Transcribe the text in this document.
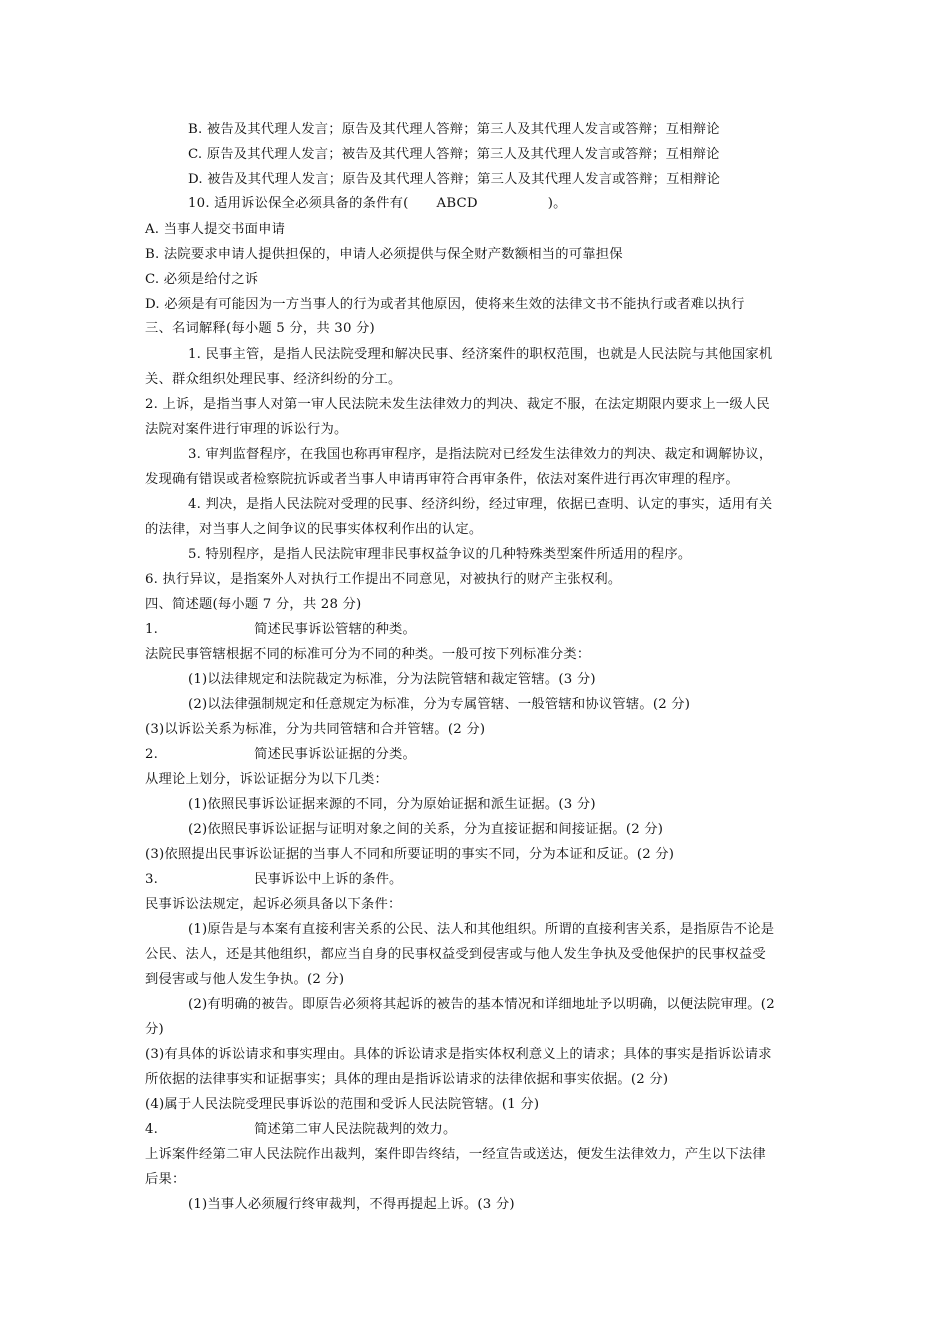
B. 被告及其代理人发言；原告及其代理人答辩；第三人及其代理人发言或答辩；互相辩论
C. 原告及其代理人发言；被告及其代理人答辩；第三人及其代理人发言或答辩；互相辩论
D. 被告及其代理人发言；原告及其代理人答辩；第三人及其代理人发言或答辩；互相辩论
10. 适用诉讼保全必须具备的条件有( ABCD	)。
A. 当事人提交书面申请
B. 法院要求申请人提供担保的，申请人必须提供与保全财产数额相当的可靠担保
C. 必须是给付之诉
D. 必须是有可能因为一方当事人的行为或者其他原因，使将来生效的法律文书不能执行或者难以执行
三、名词解释(每小题 5 分，共 30 分)
1. 民事主管，是指人民法院受理和解决民事、经济案件的职权范围，也就是人民法院与其他国家机
关、群众组织处理民事、经济纠纷的分工。
2. 上诉，是指当事人对第一审人民法院未发生法律效力的判决、裁定不服，在法定期限内要求上一级人民
法院对案件进行审理的诉讼行为。
3. 审判监督程序，在我国也称再审程序，是指法院对已经发生法律效力的判决、裁定和调解协议，
发现确有错误或者检察院抗诉或者当事人申请再审符合再审条件，依法对案件进行再次审理的程序。
4. 判决，是指人民法院对受理的民事、经济纠纷，经过审理，依据已查明、认定的事实，适用有关
的法律，对当事人之间争议的民事实体权利作出的认定。
5. 特别程序，是指人民法院审理非民事权益争议的几种特殊类型案件所适用的程序。
6. 执行异议，是指案外人对执行工作提出不同意见，对被执行的财产主张权利。
四、简述题(每小题 7 分，共 28 分)
1.	简述民事诉讼管辖的种类。
法院民事管辖根据不同的标准可分为不同的种类。一般可按下列标准分类：
(1)以法律规定和法院裁定为标准，分为法院管辖和裁定管辖。(3 分)
(2)以法律强制规定和任意规定为标准，分为专属管辖、一般管辖和协议管辖。(2 分)
(3)以诉讼关系为标准，分为共同管辖和合并管辖。(2 分)
2.	简述民事诉讼证据的分类。
从理论上划分，诉讼证据分为以下几类：
(1)依照民事诉讼证据来源的不同，分为原始证据和派生证据。(3 分)
(2)依照民事诉讼证据与证明对象之间的关系，分为直接证据和间接证据。(2 分)
(3)依照提出民事诉讼证据的当事人不同和所要证明的事实不同，分为本证和反证。(2 分)
3.	民事诉讼中上诉的条件。
民事诉讼法规定，起诉必须具备以下条件：
(1)原告是与本案有直接利害关系的公民、法人和其他组织。所谓的直接利害关系，是指原告不论是
公民、法人，还是其他组织，都应当自身的民事权益受到侵害或与他人发生争执及受他保护的民事权益受
到侵害或与他人发生争执。(2 分)
(2)有明确的被告。即原告必须将其起诉的被告的基本情况和详细地址予以明确，以便法院审理。(2
分)
(3)有具体的诉讼请求和事实理由。具体的诉讼请求是指实体权利意义上的请求；具体的事实是指诉讼请求
所依据的法律事实和证据事实；具体的理由是指诉讼请求的法律依据和事实依据。(2 分)
(4)属于人民法院受理民事诉讼的范围和受诉人民法院管辖。(1 分)
4.	简述第二审人民法院裁判的效力。
上诉案件经第二审人民法院作出裁判，案件即告终结，一经宣告或送达，便发生法律效力，产生以下法律
后果：
(1)当事人必须履行终审裁判，不得再提起上诉。(3 分)
